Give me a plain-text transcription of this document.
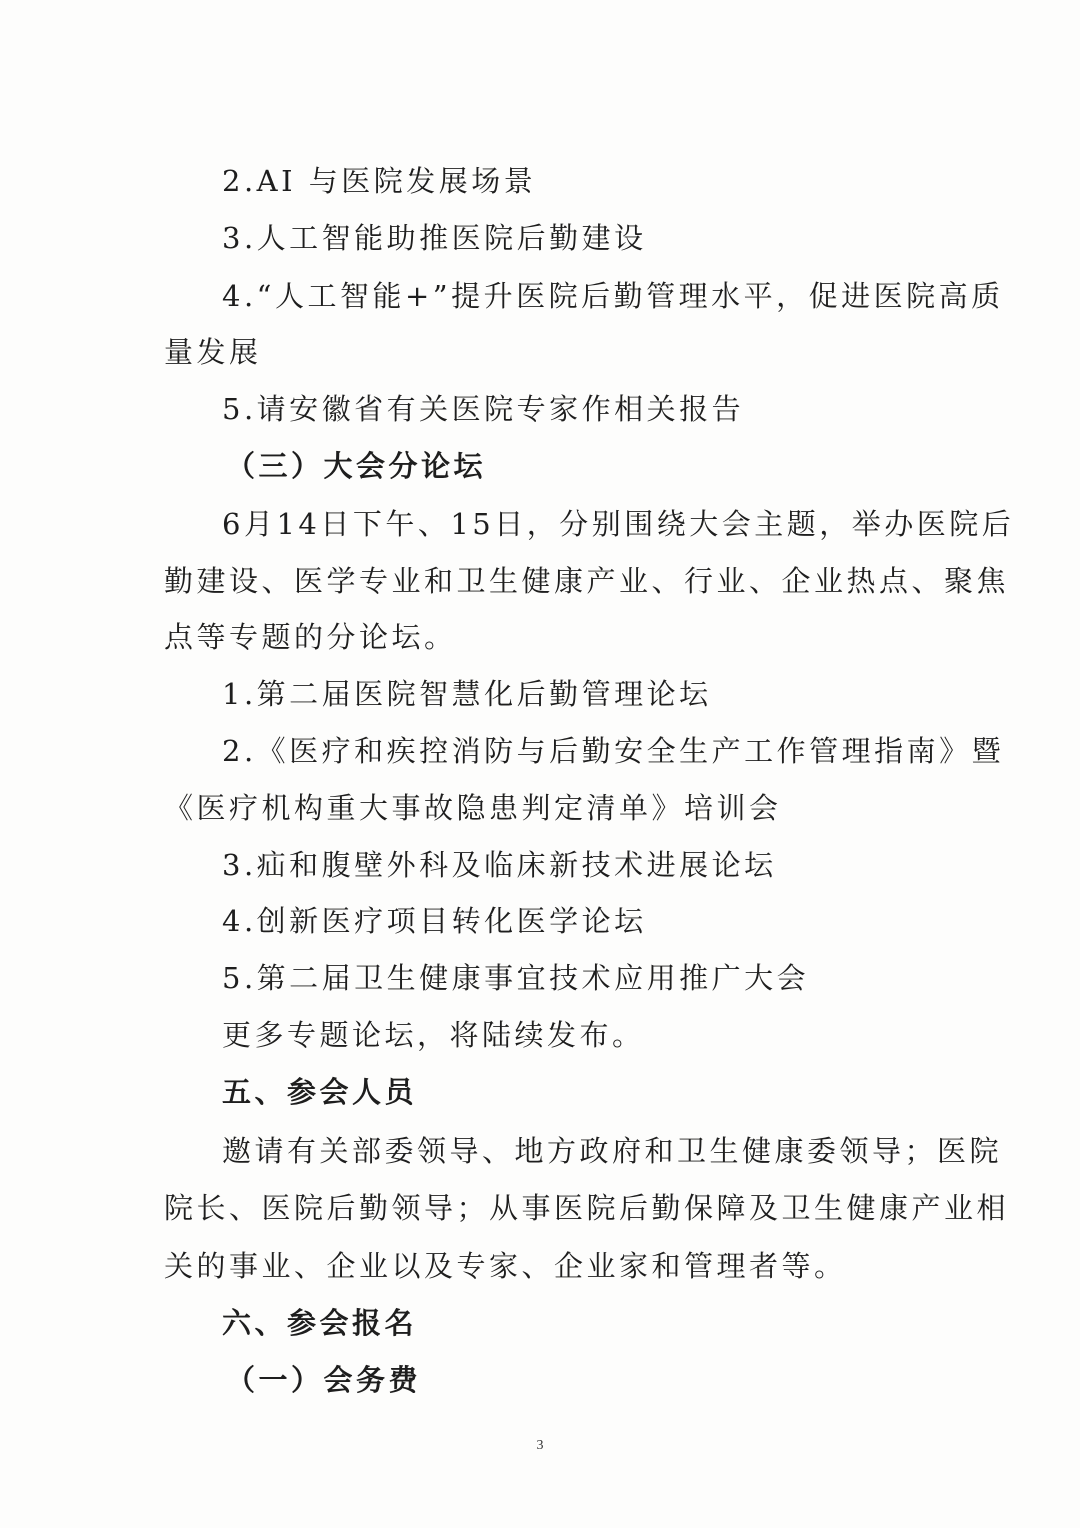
2.AI 与医院发展场景
3.人工智能助推医院后勤建设
4.“人工智能+”提升医院后勤管理水平，促进医院高质
量发展
5.请安徽省有关医院专家作相关报告
（三）大会分论坛
6月14日下午、15日，分别围绕大会主题，举办医院后
勤建设、医学专业和卫生健康产业、行业、企业热点、聚焦
点等专题的分论坛。
1.第二届医院智慧化后勤管理论坛
2.《医疗和疾控消防与后勤安全生产工作管理指南》暨
《医疗机构重大事故隐患判定清单》培训会
3.疝和腹壁外科及临床新技术进展论坛
4.创新医疗项目转化医学论坛
5.第二届卫生健康事宜技术应用推广大会
更多专题论坛，将陆续发布。
五、参会人员
邀请有关部委领导、地方政府和卫生健康委领导；医院
院长、医院后勤领导；从事医院后勤保障及卫生健康产业相
关的事业、企业以及专家、企业家和管理者等。
六、参会报名
（一）会务费
3
